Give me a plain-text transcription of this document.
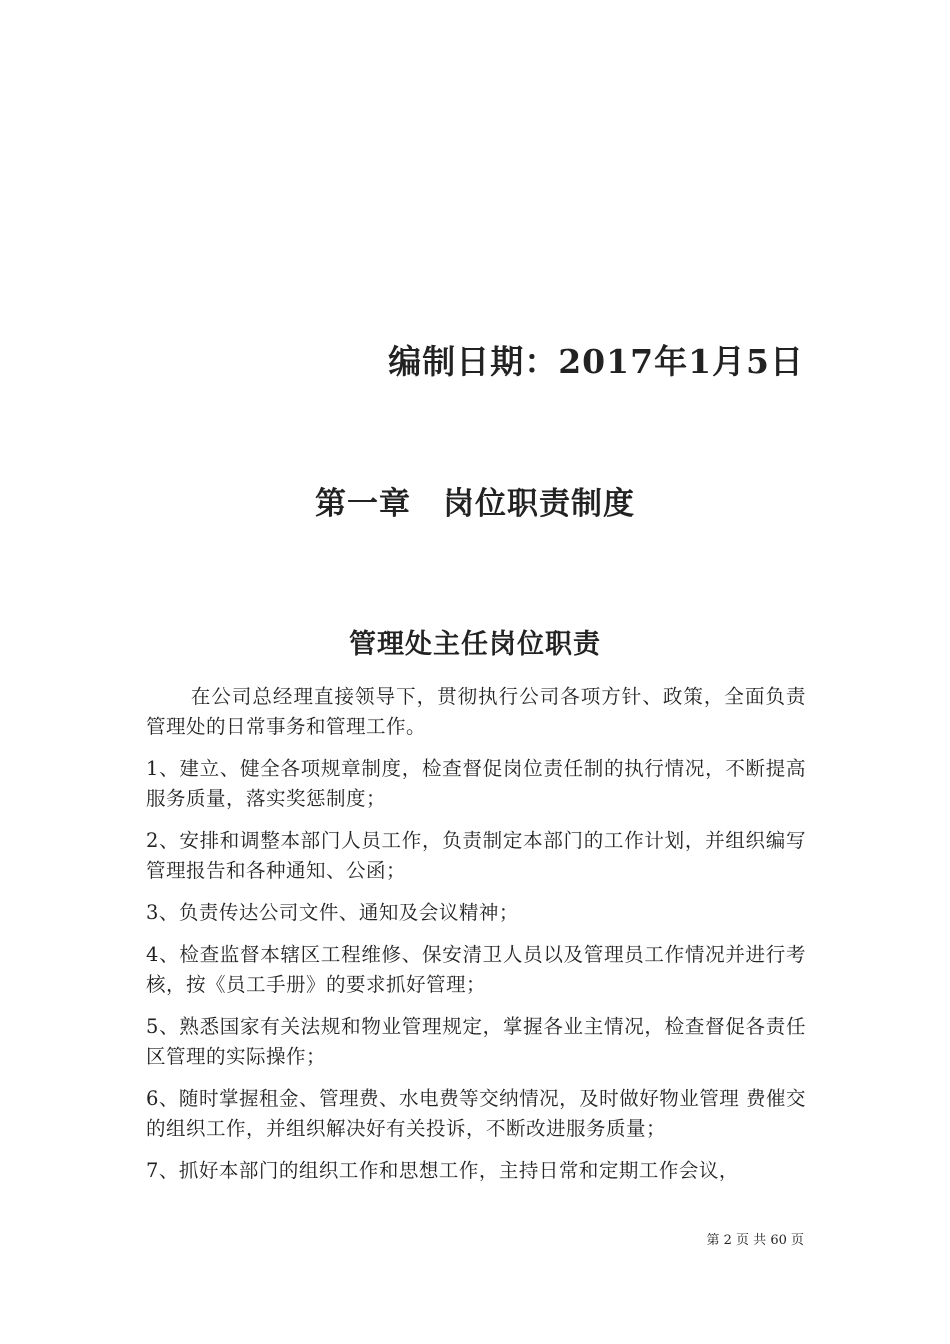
编制日期：2017年1月5日
第一章　岗位职责制度
管理处主任岗位职责

在公司总经理直接领导下，贯彻执行公司各项方针、政策，全面负责管理处的日常事务和管理工作。

1、建立、健全各项规章制度，检查督促岗位责任制的执行情况，不断提高服务质量，落实奖惩制度；

2、安排和调整本部门人员工作，负责制定本部门的工作计划，并组织编写管理报告和各种通知、公函；

3、负责传达公司文件、通知及会议精神；

4、检查监督本辖区工程维修、保安清卫人员以及管理员工作情况并进行考核，按《员工手册》的要求抓好管理；

5、熟悉国家有关法规和物业管理规定，掌握各业主情况，检查督促各责任区管理的实际操作；

6、随时掌握租金、管理费、水电费等交纳情况，及时做好物业管理 费催交的组织工作，并组织解决好有关投诉，不断改进服务质量；

7、抓好本部门的组织工作和思想工作，主持日常和定期工作会议，

第 2 页 共 60 页
